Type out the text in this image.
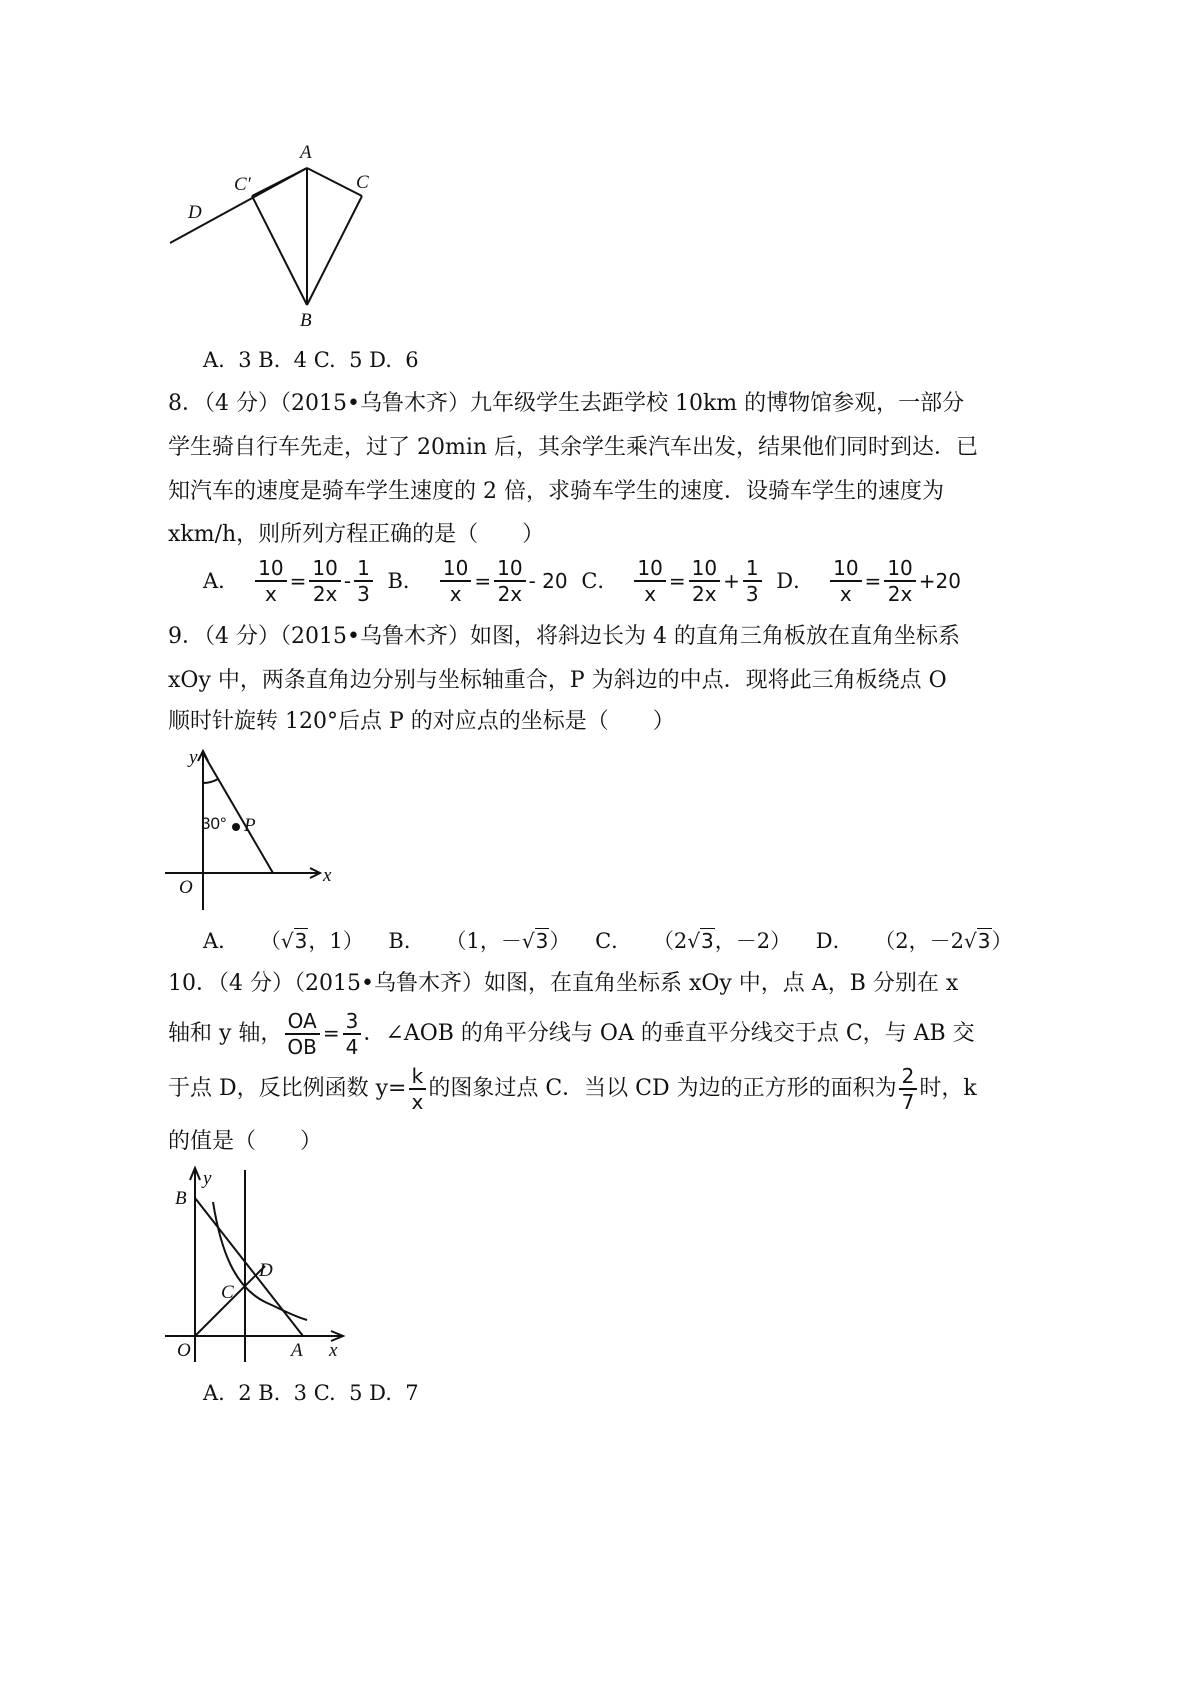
A
C
C′
D
B
A.  3 B.  4 C.  5 D.  6
8．（4 分）（2015•乌鲁木齐）九年级学生去距学校 10km 的博物馆参观，一部分
学生骑自行车先走，过了 20min 后，其余学生乘汽车出发，结果他们同时到达．已
知汽车的速度是骑车学生速度的 2 倍，求骑车学生的速度．设骑车学生的速度为
xkm/h，则所列方程正确的是（　　）
A． $\frac{10}{x} = \frac{10}{2x} - \frac{1}{3}$
B． $\frac{10}{x} = \frac{10}{2x} - 20$
C． $\frac{10}{x} = \frac{10}{2x} + \frac{1}{3}$
D． $\frac{10}{x} = \frac{10}{2x} +20$
9．（4 分）（2015•乌鲁木齐）如图，将斜边长为 4 的直角三角板放在直角坐标系
xOy 中，两条直角边分别与坐标轴重合，P 为斜边的中点．现将此三角板绕点 O
顺时针旋转 120°后点 P 的对应点的坐标是（　　）
y
x
O
P
30°
A． （√3，1） B． （1，－√3） C． （2√3，－2） D． （2，－2√3）
10．（4 分）（2015•乌鲁木齐）如图，在直角坐标系 xOy 中，点 A，B 分别在 x
轴和 y 轴， $\frac{OA}{OB} = \frac{3}{4}$ ．∠AOB 的角平分线与 OA 的垂直平分线交于点 C，与 AB 交
于点 D，反比例函数 $y= \frac{k}{x}$ 的图象过点 C．当以 CD 为边的正方形的面积为 $\frac{2}{7}$ 时，k
的值是（　　）
B
y
D
C
O	A x
A.  2 B.  3 C.  5 D.  7
